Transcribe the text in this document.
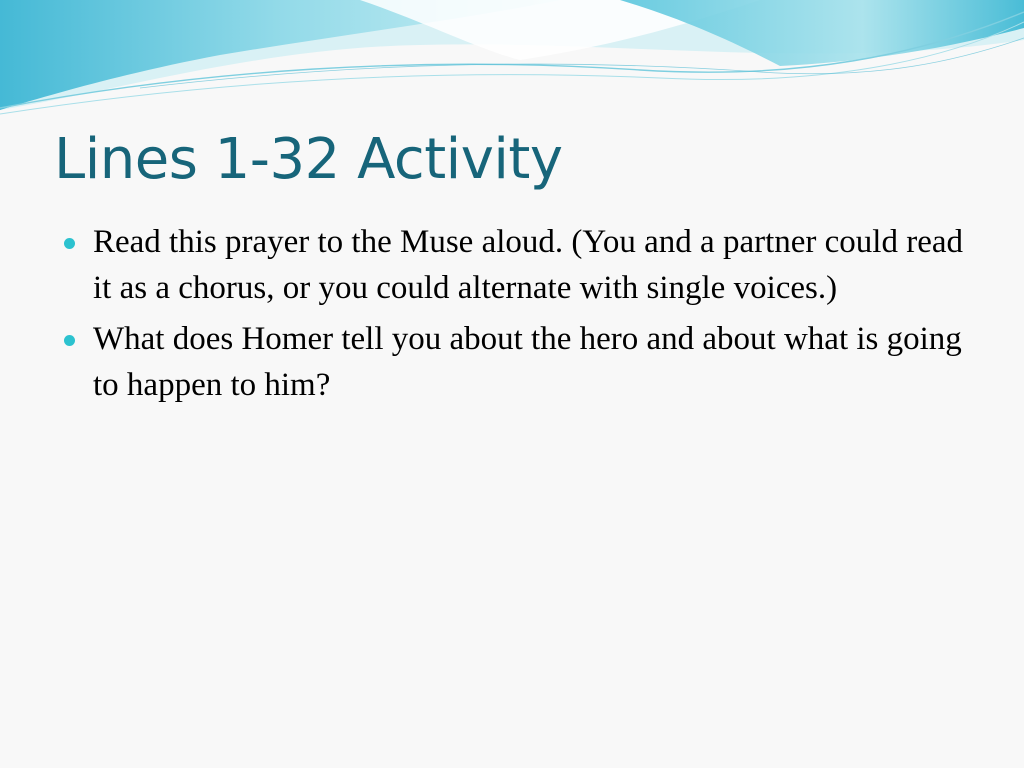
Lines 1-32 Activity
Read this prayer to the Muse aloud. (You and a partner could read it as a chorus, or you could alternate with single voices.)
What does Homer tell you about the hero and about what is going to happen to him?
